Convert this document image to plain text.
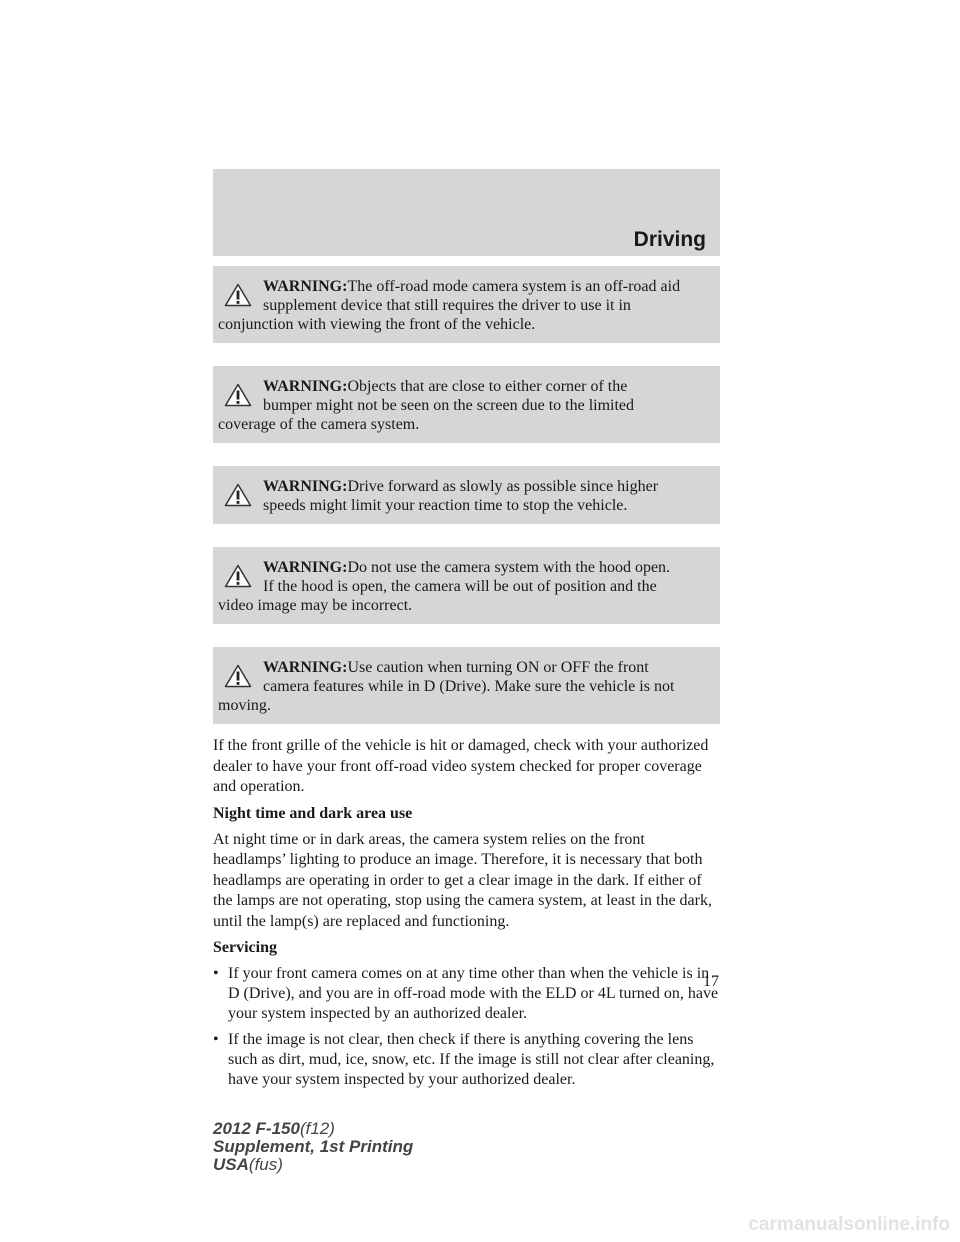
Driving

WARNING:The off-road mode camera system is an off-road aid

supplement device that still requires the driver to use it in

conjunction with viewing the front of the vehicle.

WARNING:Objects that are close to either corner of the

bumper might not be seen on the screen due to the limited

coverage of the camera system.

WARNING:Drive forward as slowly as possible since higher

speeds might limit your reaction time to stop the vehicle.

WARNING:Do not use the camera system with the hood open.

If the hood is open, the camera will be out of position and the

video image may be incorrect.

WARNING:Use caution when turning ON or OFF the front

camera features while in D (Drive). Make sure the vehicle is not

moving.

If the front grille of the vehicle is hit or damaged, check with your authorized dealer to have your front off-road video system checked for proper coverage and operation.

Night time and dark area use

At night time or in dark areas, the camera system relies on the front headlamps’ lighting to produce an image. Therefore, it is necessary that both headlamps are operating in order to get a clear image in the dark. If either of the lamps are not operating, stop using the camera system, at least in the dark, until the lamp(s) are replaced and functioning.

Servicing

• If your front camera comes on at any time other than when the vehicle is in D (Drive), and you are in off-road mode with the ELD or 4L turned on, have your system inspected by an authorized dealer.
• If the image is not clear, then check if there is anything covering the lens such as dirt, mud, ice, snow, etc. If the image is still not clear after cleaning, have your system inspected by your authorized dealer.
17
2012 F-150(f12)
Supplement, 1st Printing
USA(fus)
carmanualsonline.info
